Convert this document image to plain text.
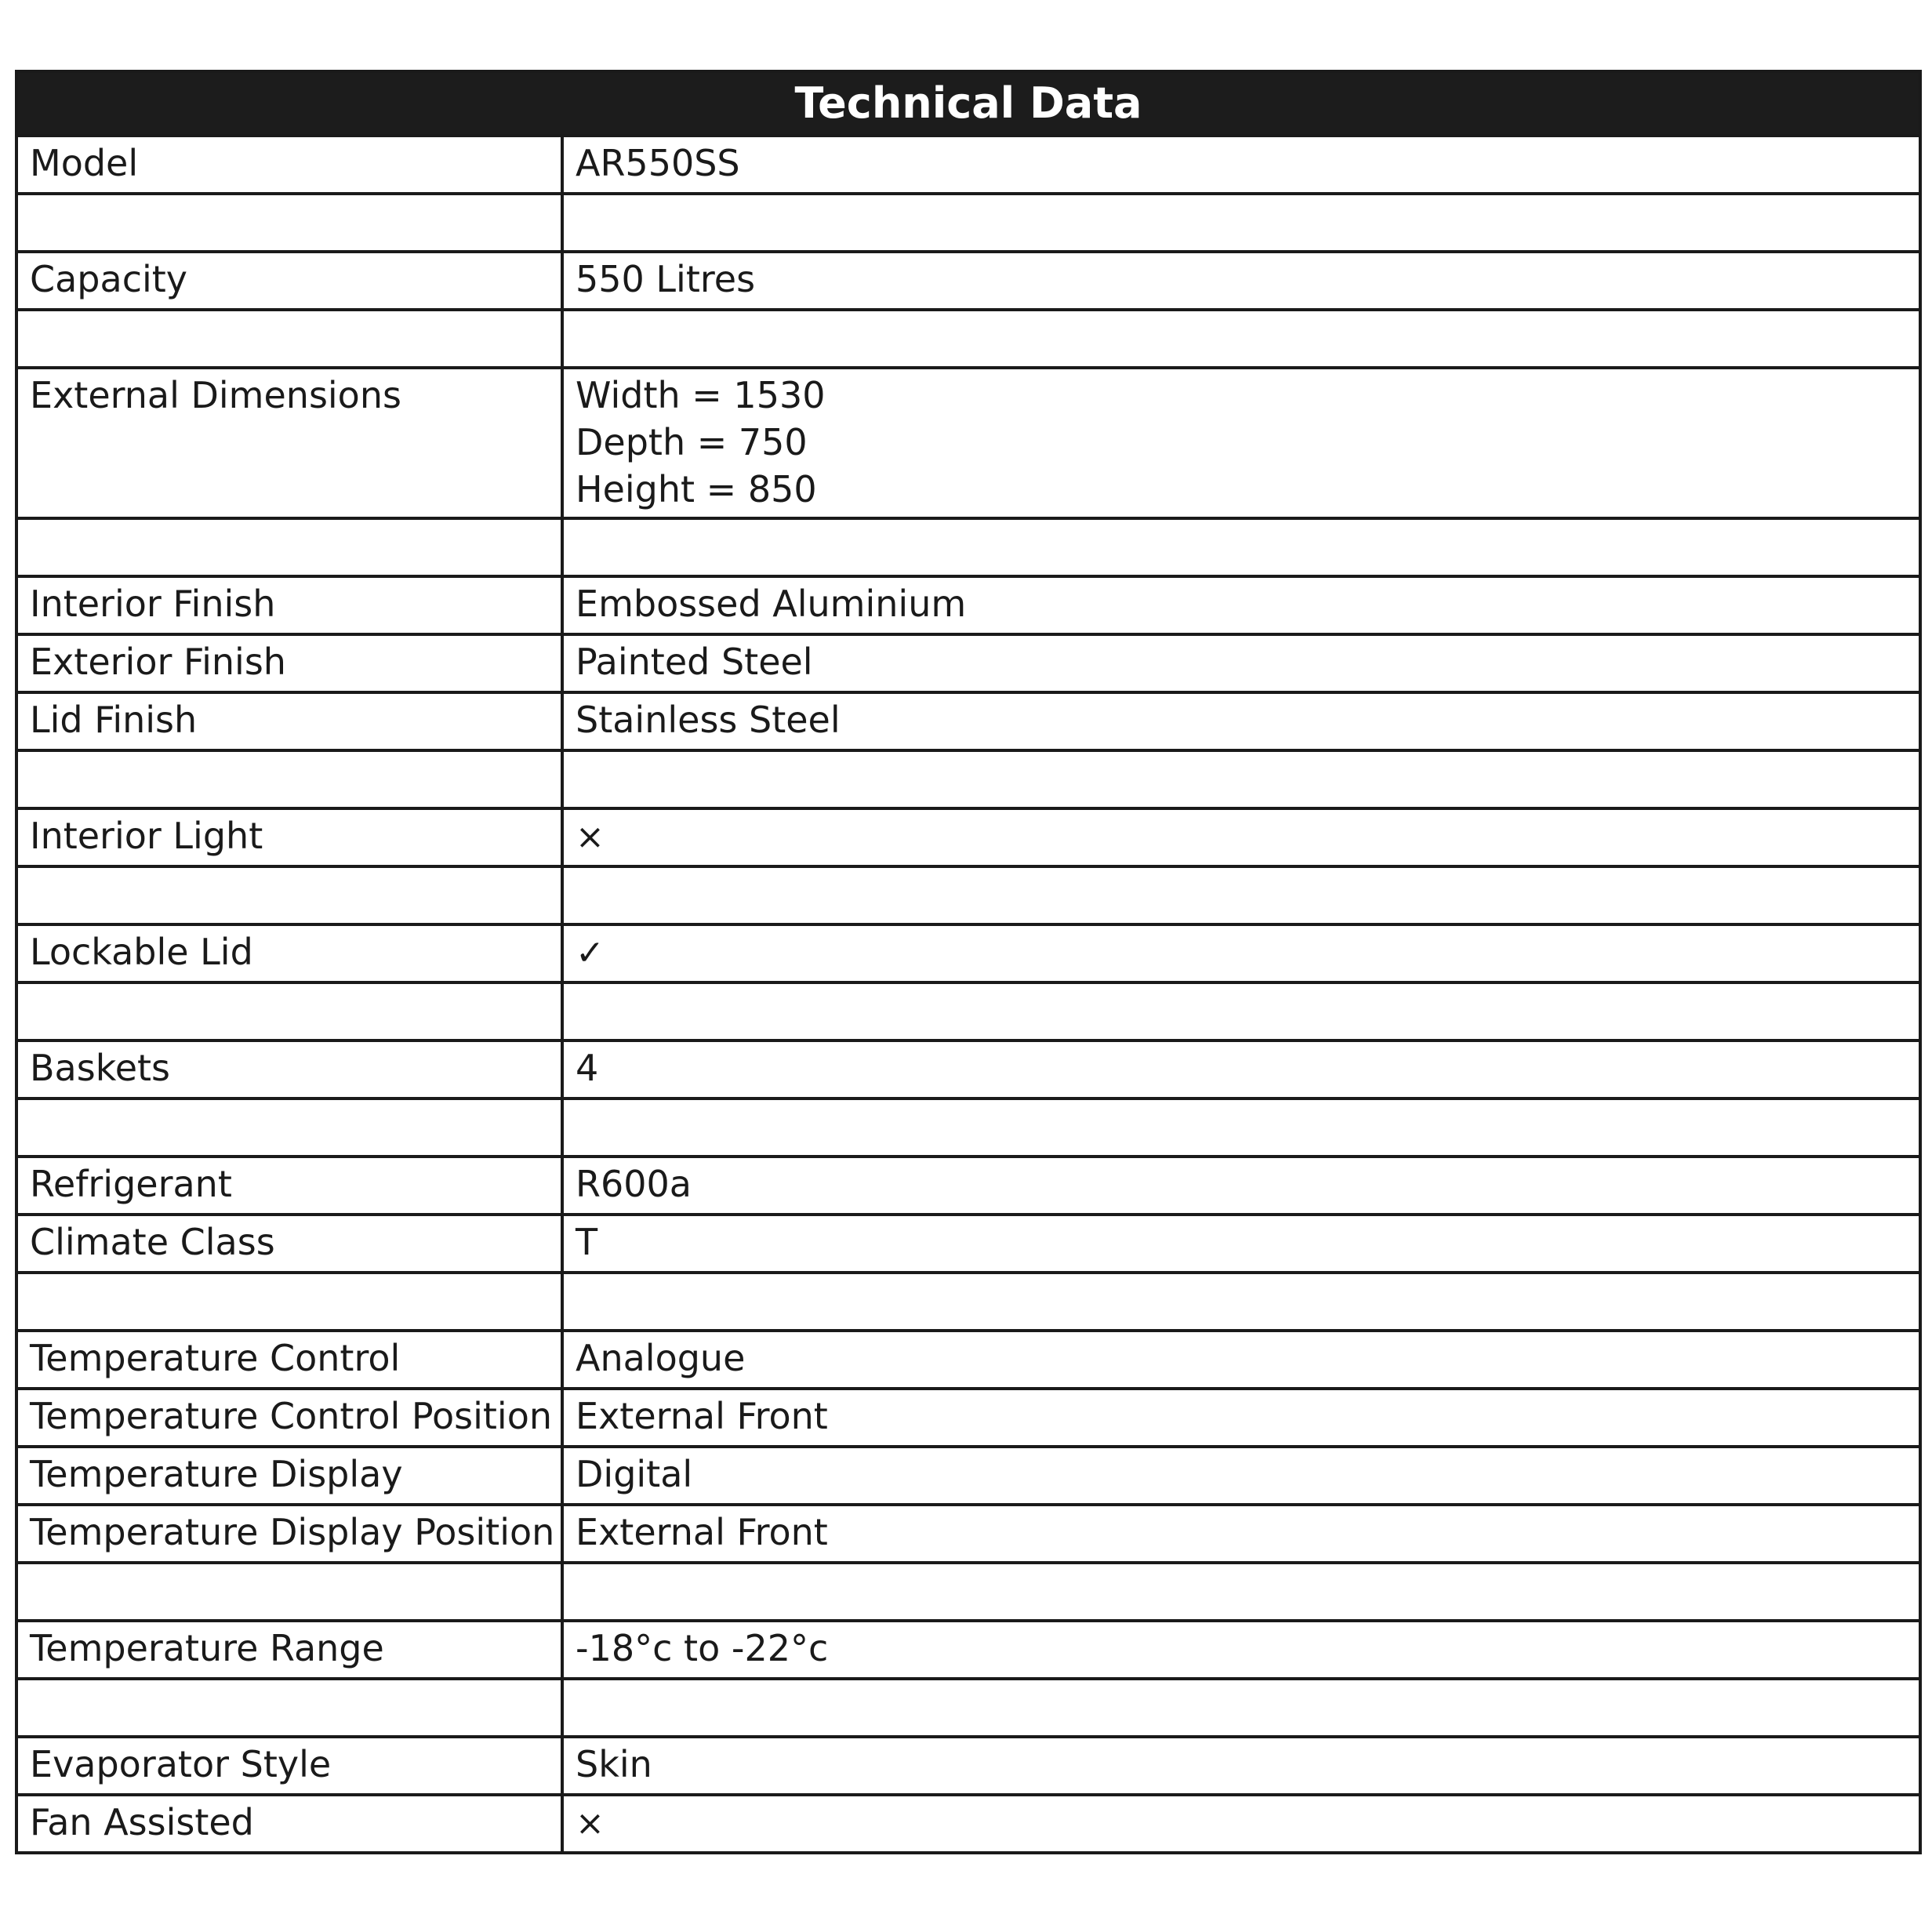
Technical Data	
Model	AR550SS

Capacity	550 Litres

External Dimensions	Width = 1530
Depth = 750
Height = 850

Interior Finish	Embossed Aluminium
Exterior Finish	Painted Steel
Lid Finish	Stainless Steel

Interior Light	×

Lockable Lid	✓

Baskets	4

Refrigerant	R600a
Climate Class	T

Temperature Control	Analogue
Temperature Control Position	External Front
Temperature Display	Digital
Temperature Display Position	External Front

Temperature Range	-18°c to -22°c

Evaporator Style	Skin
Fan Assisted	×
